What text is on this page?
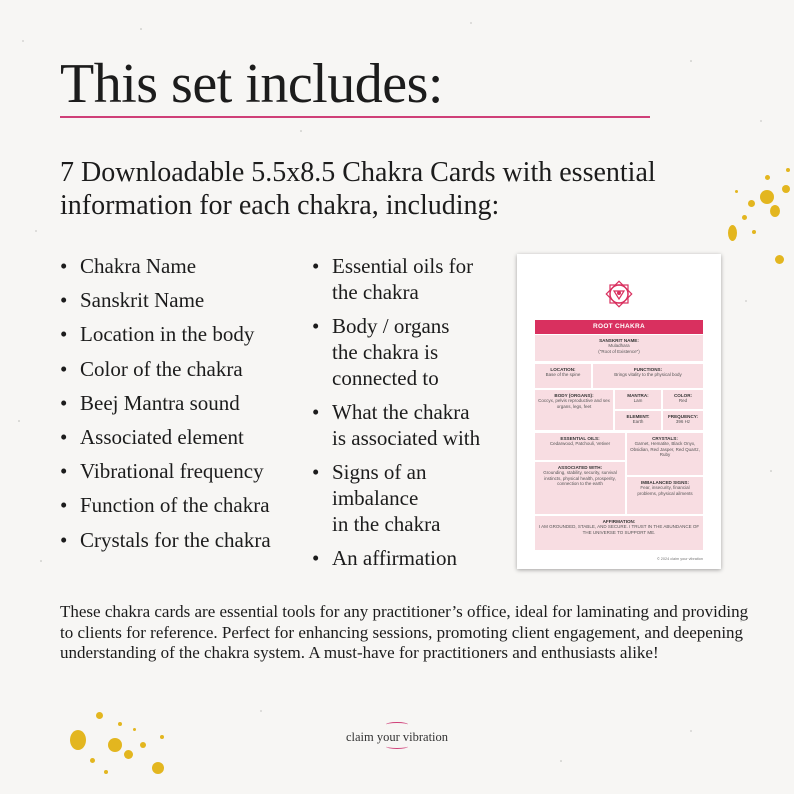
This set includes:
7 Downloadable 5.5x8.5 Chakra Cards with essential information for each chakra, including:
• Chakra Name
• Sanskrit Name
• Location in the body
• Color of the chakra
• Beej Mantra sound
• Associated element
• Vibrational frequency
• Function of the chakra
• Crystals for the chakra
• Essential oils for
the chakra
• Body / organs
the chakra is
connected to
• What the chakra
is associated with
• Signs of an
imbalance
in the chakra
• An affirmation
ROOT CHAKRA
SANSKRIT NAME:
Muladhara
("Root of Existence")
LOCATION:
Base of the spine
FUNCTIONS:
Brings vitality to the physical body
BODY (ORGANS):
Coccyx, pelvis reproductive and sex organs, legs, feet
MANTRA:
Lam
COLOR:
Red
ELEMENT:
Earth
FREQUENCY:
396 Hz
ESSENTIAL OILS:
Cedarwood, Patchouli, Vetiver
CRYSTALS:
Garnet, Hematite, Black Onyx, Obsidian, Red Jasper, Red Quartz, Ruby
ASSOCIATED WITH:
Grounding, stability, security, survival instincts, physical health, prosperity, connection to the earth	IMBALANCED SIGNS:
Fear, insecurity, financial problems, physical ailments
AFFIRMATION:
I AM GROUNDED, STABLE, AND SECURE. I TRUST IN THE ABUNDANCE OF THE UNIVERSE TO SUPPORT ME.
© 2024 claim your vibration

These chakra cards are essential tools for any practitioner’s office, ideal for laminating and providing to clients for reference. Perfect for enhancing sessions, promoting client engagement, and deepening understanding of the chakra system. A must-have for practitioners and enthusiasts alike!

claim your vibration
